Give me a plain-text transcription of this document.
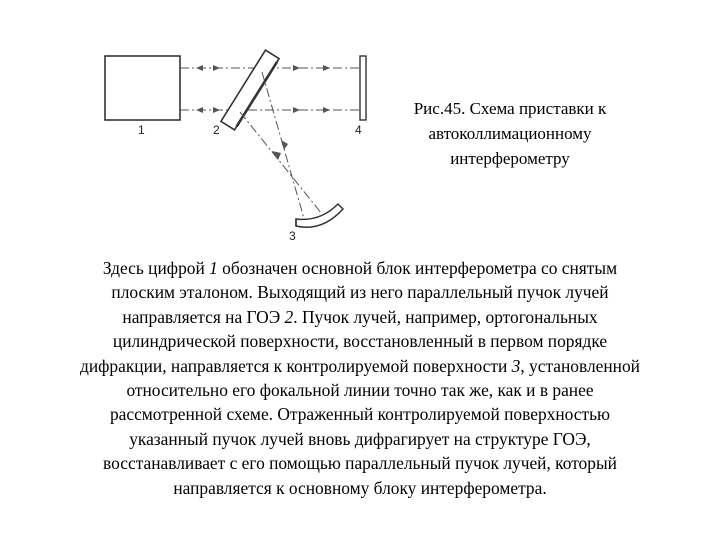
1	2
3
4
Рис.45. Схема приставки к
автоколлимационному
интерферометру
Здесь цифрой 1 обозначен основной блок интерферометра со снятым
плоским эталоном. Выходящий из него параллельный пучок лучей
направляется на ГОЭ 2. Пучок лучей, например, ортогональных
цилиндрической поверхности, восстановленный в первом порядке
дифракции, направляется к контролируемой поверхности 3, установленной
относительно его фокальной линии точно так же, как и в ранее
рассмотренной схеме. Отраженный контролируемой поверхностью
указанный пучок лучей вновь дифрагирует на структуре ГОЭ,
восстанавливает с его помощью параллельный пучок лучей, который
направляется к основному блоку интерферометра.
